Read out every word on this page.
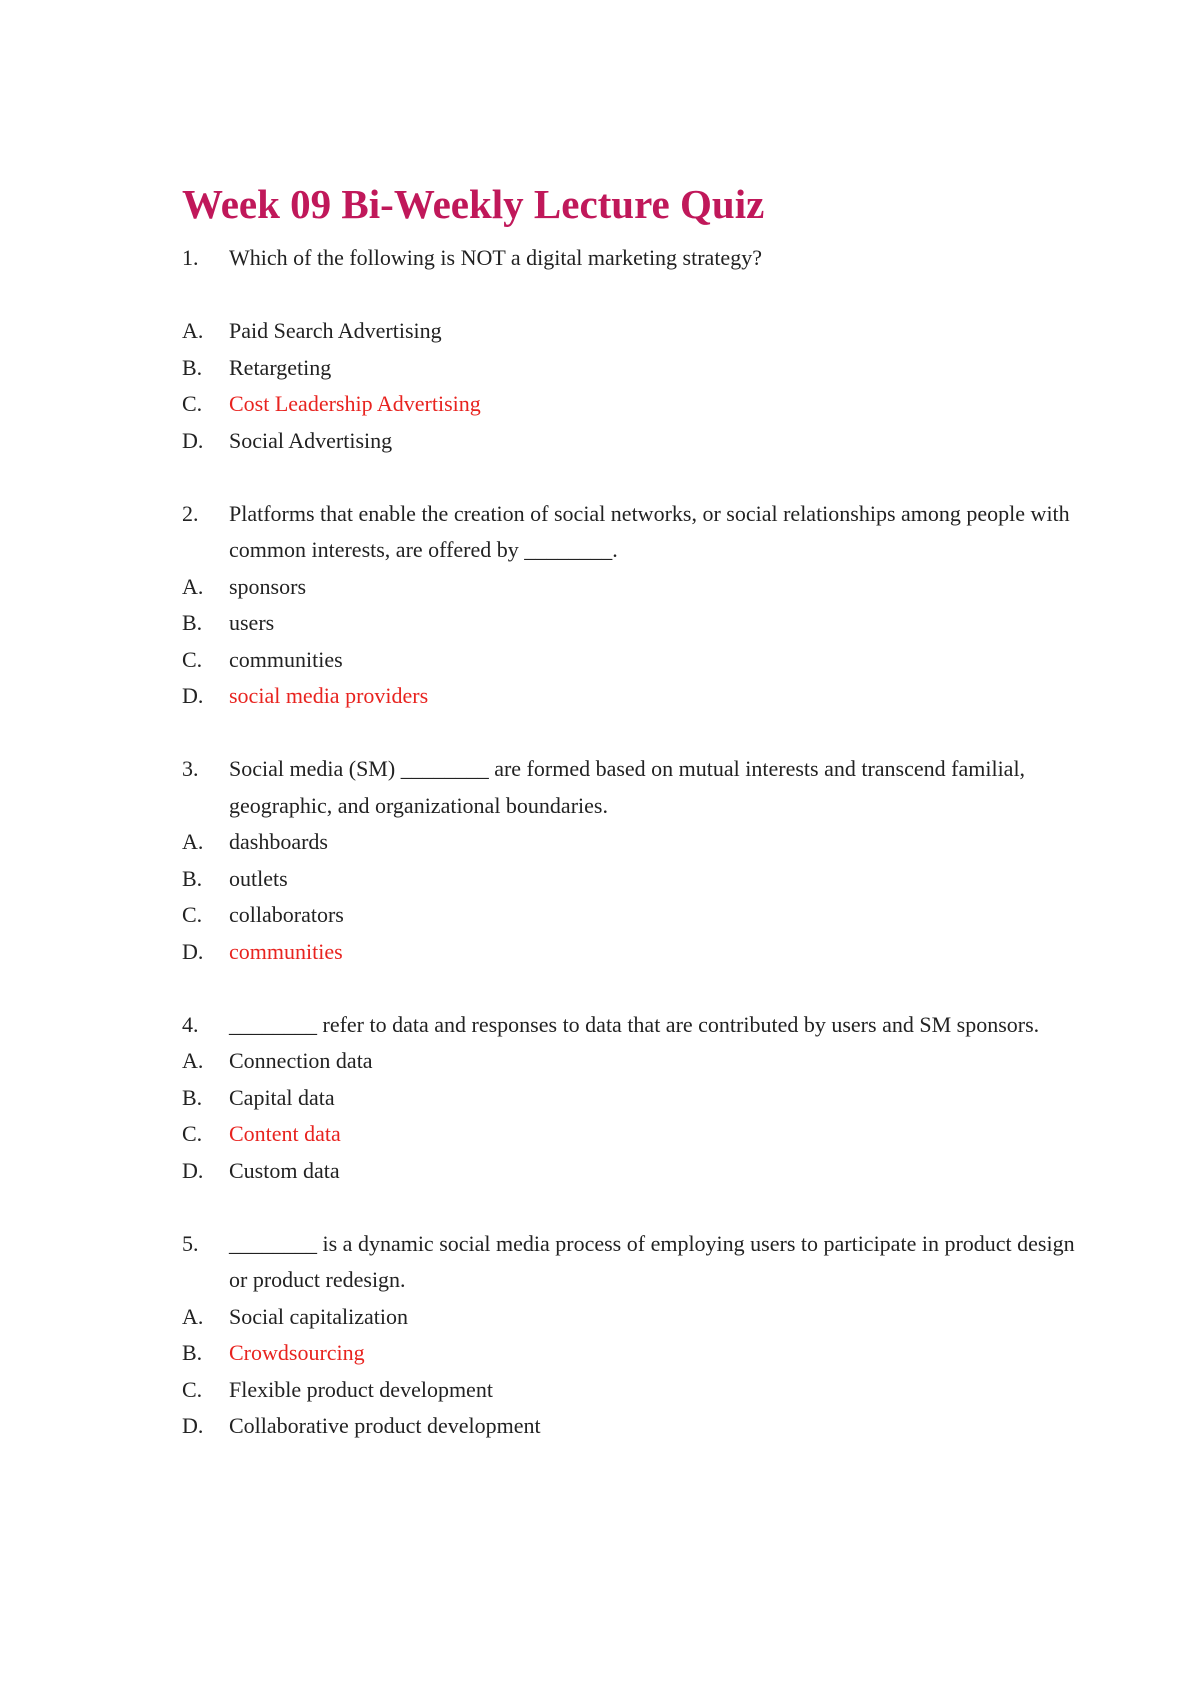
Week 09 Bi-Weekly Lecture Quiz
1.	Which of the following is NOT a digital marketing strategy?
A.	Paid Search Advertising
B.	Retargeting
C.	Cost Leadership Advertising
D.	Social Advertising
2.	Platforms that enable the creation of social networks, or social relationships among people with common interests, are offered by ________.
A.	sponsors
B.	users
C.	communities
D.	social media providers
3.	Social media (SM) ________ are formed based on mutual interests and transcend familial, geographic, and organizational boundaries.
A.	dashboards
B.	outlets
C.	collaborators
D.	communities
4.	________ refer to data and responses to data that are contributed by users and SM sponsors.
A.	Connection data
B.	Capital data
C.	Content data
D.	Custom data
5.	________ is a dynamic social media process of employing users to participate in product design or product redesign.
A.	Social capitalization
B.	Crowdsourcing
C.	Flexible product development
D.	Collaborative product development
